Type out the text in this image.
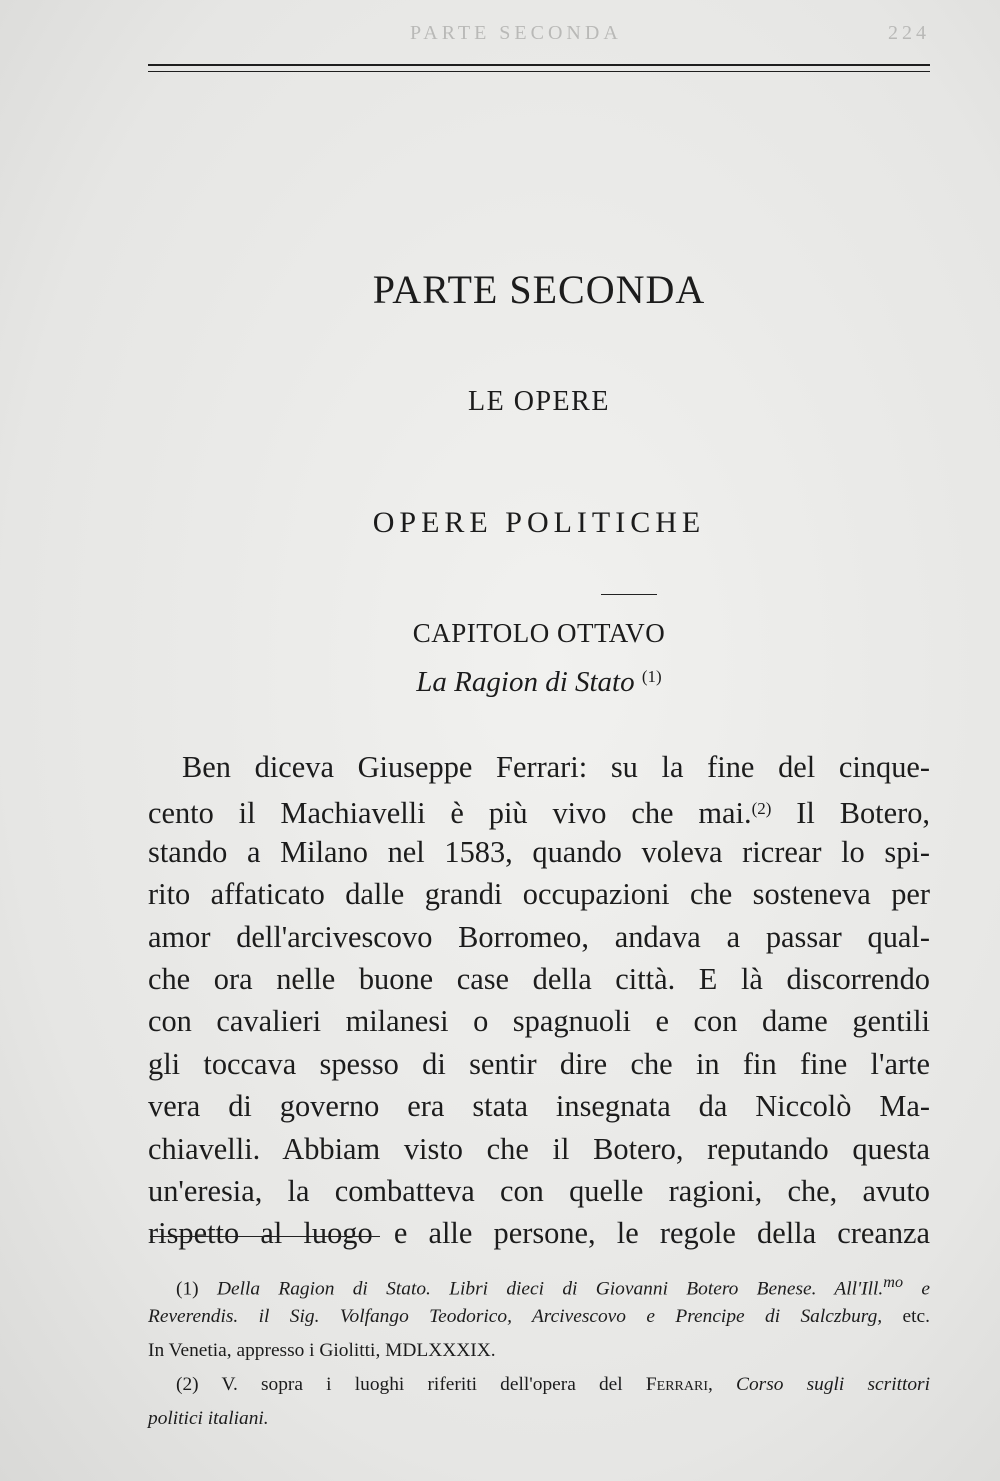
PARTE SECONDA	224
PARTE SECONDA
LE OPERE
OPERE POLITICHE
CAPITOLO OTTAVO
La Ragion di Stato $^{(1)}$
Ben diceva Giuseppe Ferrari: su la fine del cinque-
cento il Machiavelli è più vivo che mai.$^{(2)}$ Il Botero,
stando a Milano nel 1583, quando voleva ricrear lo spi-
rito affaticato dalle grandi occupazioni che sosteneva per
amor dell'arcivescovo Borromeo, andava a passar qual-
che ora nelle buone case della città. E là discorrendo
con cavalieri milanesi o spagnuoli e con dame gentili
gli toccava spesso di sentir dire che in fin fine l'arte
vera di governo era stata insegnata da Niccolò Ma-
chiavelli. Abbiam visto che il Botero, reputando questa
un'eresia, la combatteva con quelle ragioni, che, avuto
rispetto al luogo e alle persone, le regole della creanza
(1) Della Ragion di Stato. Libri dieci di Giovanni Botero Benese. All'Ill.$^{mo}$ e
Reverendis. il Sig. Volfango Teodorico, Arcivescovo e Prencipe di Salczburg, etc.
In Venetia, appresso i Giolitti, MDLXXXIX.
(2) V. sopra i luoghi riferiti dell'opera del Ferrari, Corso sugli scrittori
politici italiani.
